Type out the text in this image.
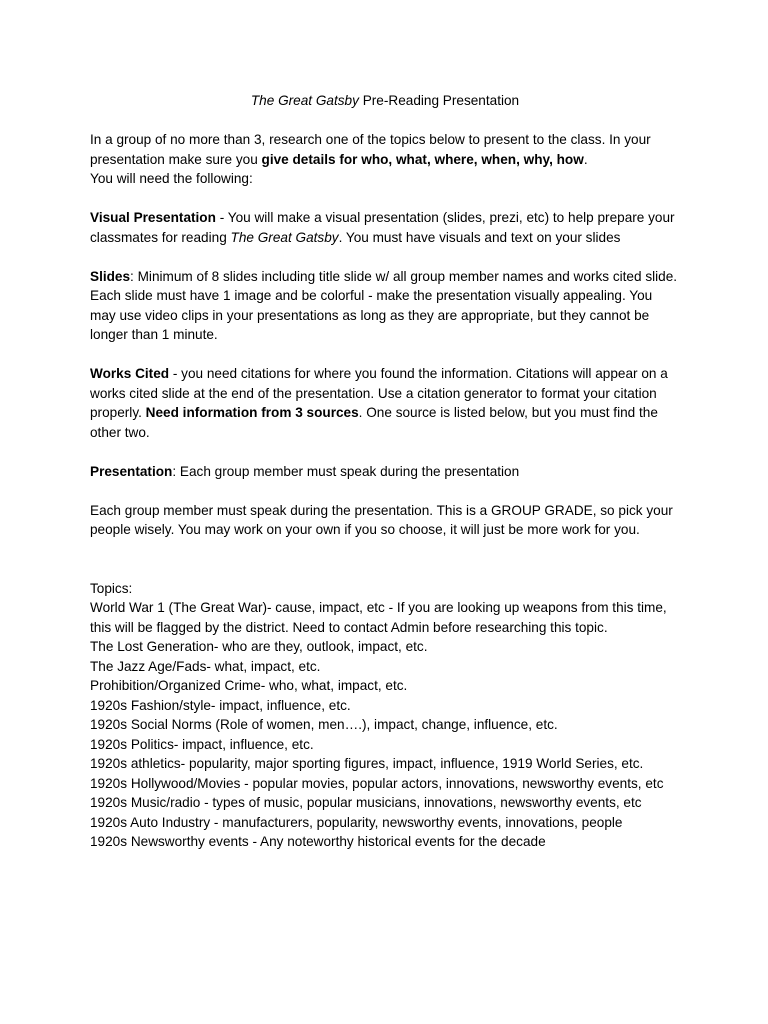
The Great Gatsby Pre-Reading Presentation

In a group of no more than 3, research one of the topics below to present to the class. In your presentation make sure you give details for who, what, where, when, why, how.

You will need the following:

Visual Presentation - You will make a visual presentation (slides, prezi, etc) to help prepare your classmates for reading The Great Gatsby. You must have visuals and text on your slides

Slides: Minimum of 8 slides including title slide w/ all group member names and works cited slide. Each slide must have 1 image and be colorful - make the presentation visually appealing. You may use video clips in your presentations as long as they are appropriate, but they cannot be longer than 1 minute.

Works Cited - you need citations for where you found the information. Citations will appear on a works cited slide at the end of the presentation. Use a citation generator to format your citation properly. Need information from 3 sources. One source is listed below, but you must find the other two.

Presentation: Each group member must speak during the presentation

Each group member must speak during the presentation. This is a GROUP GRADE, so pick your people wisely. You may work on your own if you so choose, it will just be more work for you.

Topics:

World War 1 (The Great War)- cause, impact, etc - If you are looking up weapons from this time,

this will be flagged by the district. Need to contact Admin before researching this topic.

The Lost Generation- who are they, outlook, impact, etc.

The Jazz Age/Fads- what, impact, etc.

Prohibition/Organized Crime- who, what, impact, etc.

1920s Fashion/style- impact, influence, etc.

1920s Social Norms (Role of women, men….), impact, change, influence, etc.

1920s Politics- impact, influence, etc.

1920s athletics- popularity, major sporting figures, impact, influence, 1919 World Series, etc.

1920s Hollywood/Movies - popular movies, popular actors, innovations, newsworthy events, etc

1920s Music/radio - types of music, popular musicians, innovations, newsworthy events, etc

1920s Auto Industry - manufacturers, popularity, newsworthy events, innovations, people

1920s Newsworthy events - Any noteworthy historical events for the decade
